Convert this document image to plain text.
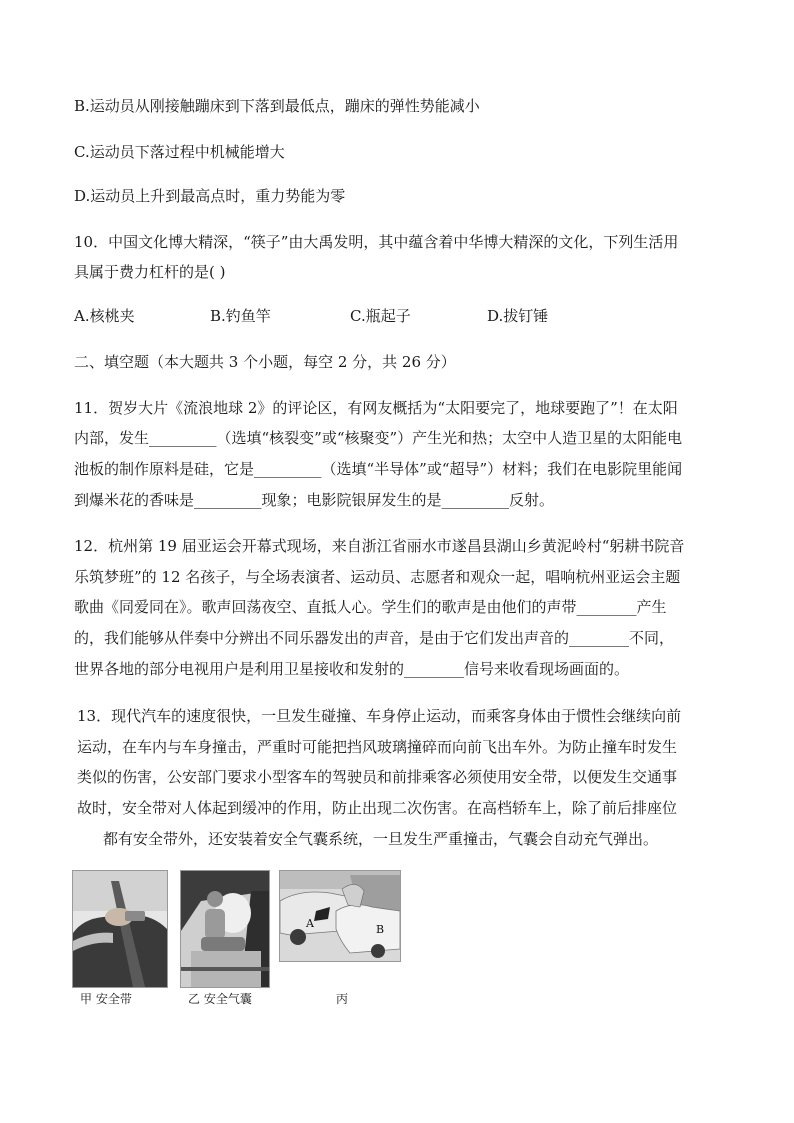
B.运动员从刚接触蹦床到下落到最低点，蹦床的弹性势能减小
C.运动员下落过程中机械能增大
D.运动员上升到最高点时，重力势能为零
10．中国文化博大精深，“筷子”由大禹发明，其中蕴含着中华博大精深的文化，下列生活用
具属于费力杠杆的是( )
A.核桃夹	B.钓鱼竿	C.瓶起子	D.拔钉锤
二、填空题（本大题共 3 个小题，每空 2 分，共 26 分）
11．贺岁大片《流浪地球 2》的评论区，有网友概括为“太阳要完了，地球要跑了”！在太阳
内部，发生_________（选填“核裂变”或“核聚变”）产生光和热；太空中人造卫星的太阳能电
池板的制作原料是硅，它是_________（选填“半导体”或“超导”）材料；我们在电影院里能闻
到爆米花的香味是_________现象；电影院银屏发生的是_________反射。
12．杭州第 19 届亚运会开幕式现场，来自浙江省丽水市遂昌县湖山乡黄泥岭村“躬耕书院音
乐筑梦班”的 12 名孩子，与全场表演者、运动员、志愿者和观众一起，唱响杭州亚运会主题
歌曲《同爱同在》。歌声回荡夜空、直抵人心。学生们的歌声是由他们的声带________产生
的，我们能够从伴奏中分辨出不同乐器发出的声音，是由于它们发出声音的________不同，
世界各地的部分电视用户是利用卫星接收和发射的________信号来收看现场画面的。
13．现代汽车的速度很快，一旦发生碰撞、车身停止运动，而乘客身体由于惯性会继续向前
运动，在车内与车身撞击，严重时可能把挡风玻璃撞碎而向前飞出车外。为防止撞车时发生
类似的伤害，公安部门要求小型客车的驾驶员和前排乘客必须使用安全带，以便发生交通事
故时，安全带对人体起到缓冲的作用，防止出现二次伤害。在高档轿车上，除了前后排座位
都有安全带外，还安装着安全气囊系统，一旦发生严重撞击，气囊会自动充气弹出。
A	B
甲 安全带	乙 安全气囊	丙
